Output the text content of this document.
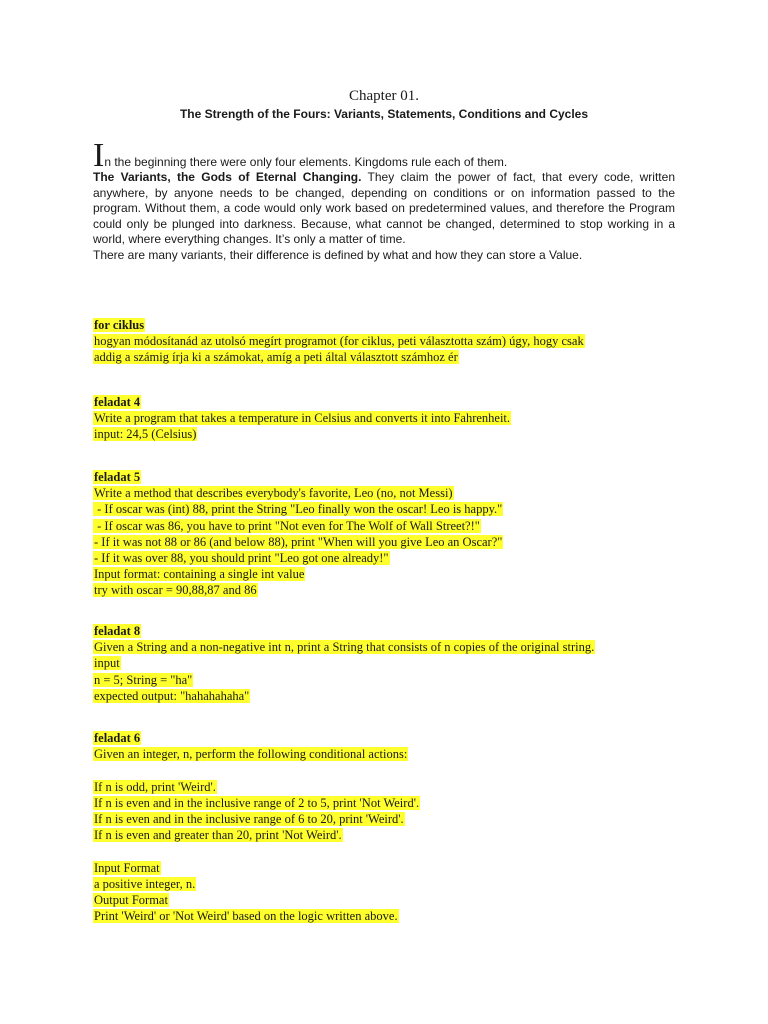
Chapter 01.
The Strength of the Fours: Variants, Statements, Conditions and Cycles

In the beginning there were only four elements. Kingdoms rule each of them.

The Variants, the Gods of Eternal Changing. They claim the power of fact, that every code, written anywhere, by anyone needs to be changed, depending on conditions or on information passed to the program. Without them, a code would only work based on predetermined values, and therefore the Program could only be plunged into darkness. Because, what cannot be changed, determined to stop working in a world, where everything changes. It’s only a matter of time.

There are many variants, their difference is defined by what and how they can store a Value.

for ciklus
hogyan módosítanád az utolsó megírt programot (for ciklus, peti választotta szám) úgy, hogy csak
addig a számig írja ki a számokat, amíg a peti által választott számhoz ér
feladat 4
Write a program that takes a temperature in Celsius and converts it into Fahrenheit.
input: 24,5 (Celsius)
feladat 5
Write a method that describes everybody's favorite, Leo (no, not Messi)
- If oscar was (int) 88, print the String "Leo finally won the oscar! Leo is happy."
- If oscar was 86, you have to print "Not even for The Wolf of Wall Street?!"
- If it was not 88 or 86 (and below 88), print "When will you give Leo an Oscar?"
- If it was over 88, you should print "Leo got one already!"
Input format: containing a single int value
try with oscar = 90,88,87 and 86
feladat 8
Given a String and a non-negative int n, print a String that consists of n copies of the original string.
input
n = 5; String = "ha"
expected output: "hahahahaha"
feladat 6
Given an integer, n, perform the following conditional actions:
If n is odd, print 'Weird'.
If n is even and in the inclusive range of 2 to 5, print 'Not Weird'.
If n is even and in the inclusive range of 6 to 20, print 'Weird'.
If n is even and greater than 20, print 'Not Weird'.
Input Format
a positive integer, n.
Output Format
Print 'Weird' or 'Not Weird' based on the logic written above.
